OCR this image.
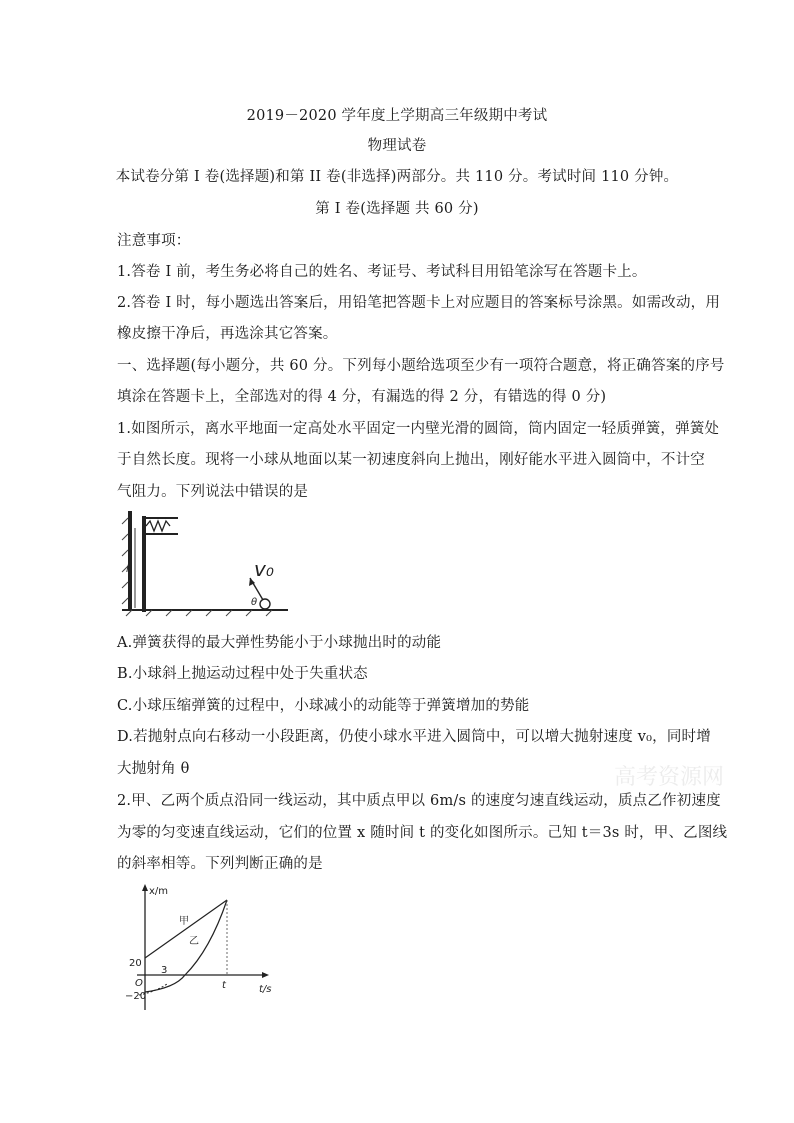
2019－2020 学年度上学期高三年级期中考试
物理试卷
本试卷分第 I 卷(选择题)和第 II 卷(非选择)两部分。共 110 分。考试时间 110 分钟。
第 I 卷(选择题 共 60 分)
注意事项：
1.答卷 I 前，考生务必将自己的姓名、考证号、考试科目用铅笔涂写在答题卡上。
2.答卷 I 时，每小题选出答案后，用铅笔把答题卡上对应题目的答案标号涂黑。如需改动，用
橡皮擦干净后，再选涂其它答案。
一、选择题(每小题分，共 60 分。下列每小题给选项至少有一项符合题意，将正确答案的序号
填涂在答题卡上，全部选对的得 4 分，有漏选的得 2 分，有错选的得 0 分)
1.如图所示，离水平地面一定高处水平固定一内壁光滑的圆筒，筒内固定一轻质弹簧，弹簧处
于自然长度。现将一小球从地面以某一初速度斜向上抛出，刚好能水平进入圆筒中，不计空
气阻力。下列说法中错误的是
h	v₀
θ
A.弹簧获得的最大弹性势能小于小球抛出时的动能
B.小球斜上抛运动过程中处于失重状态
C.小球压缩弹簧的过程中，小球减小的动能等于弹簧增加的势能
D.若抛射点向右移动一小段距离，仍使小球水平进入圆筒中，可以增大抛射速度 v₀，同时增
大抛射角 θ	高考资源网
2.甲、乙两个质点沿同一线运动，其中质点甲以 6m/s 的速度匀速直线运动，质点乙作初速度
为零的匀变速直线运动，它们的位置 x 随时间 t 的变化如图所示。己知 t＝3s 时，甲、乙图线
的斜率相等。下列判断正确的是
x/m
t/s
O
20
−20
3
t
甲
乙
